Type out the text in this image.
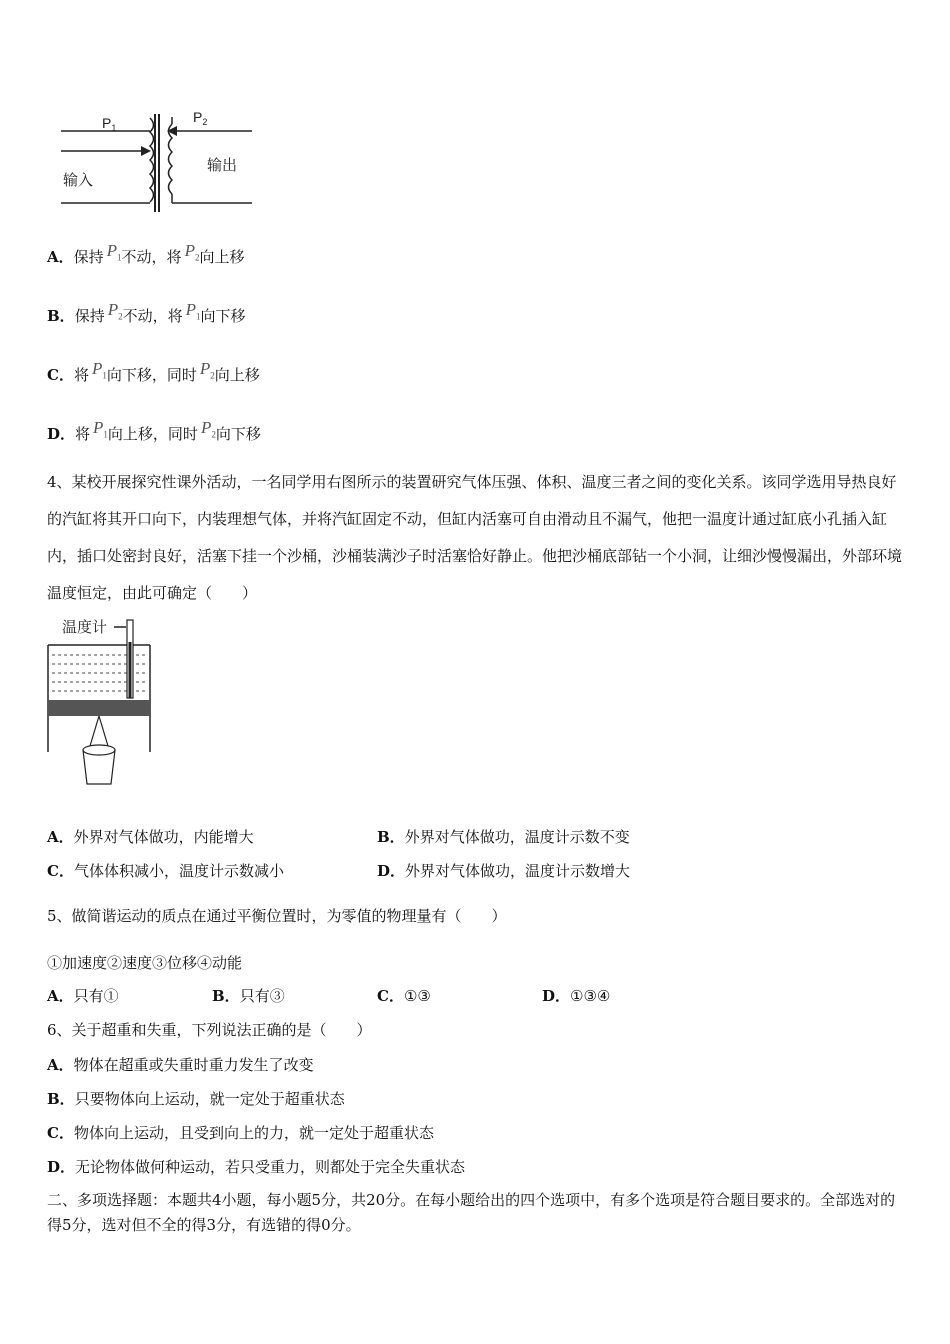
$P_1$
$P_2$
输入
输出
A．保持 $P_1$不动，将 $P_2$向上移
B．保持 $P_2$不动，将 $P_1$向下移
C．将 $P_1$向下移，同时 $P_2$向上移
D．将 $P_1$向上移，同时 $P_2$向下移
4、某校开展探究性课外活动，一名同学用右图所示的装置研究气体压强、体积、温度三者之间的变化关系。该同学选用导热良好的汽缸将其开口向下，内装理想气体，并将汽缸固定不动，但缸内活塞可自由滑动且不漏气，他把一温度计通过缸底小孔插入缸内，插口处密封良好，活塞下挂一个沙桶，沙桶装满沙子时活塞恰好静止。他把沙桶底部钻一个小洞，让细沙慢慢漏出，外部环境温度恒定，由此可确定（　　）
温度计
A．外界对气体做功，内能增大	B．外界对气体做功，温度计示数不变
C．气体体积减小，温度计示数减小	D．外界对气体做功，温度计示数增大
5、做简谐运动的质点在通过平衡位置时，为零值的物理量有（　　）
①加速度②速度③位移④动能
A．只有①	B．只有③	C．①③	D．①③④
6、关于超重和失重，下列说法正确的是（　　）
A．物体在超重或失重时重力发生了改变
B．只要物体向上运动，就一定处于超重状态
C．物体向上运动，且受到向上的力，就一定处于超重状态
D．无论物体做何种运动，若只受重力，则都处于完全失重状态
二、多项选择题：本题共4小题，每小题5分，共20分。在每小题给出的四个选项中，有多个选项是符合题目要求的。全部选对的得5分，选对但不全的得3分，有选错的得0分。
